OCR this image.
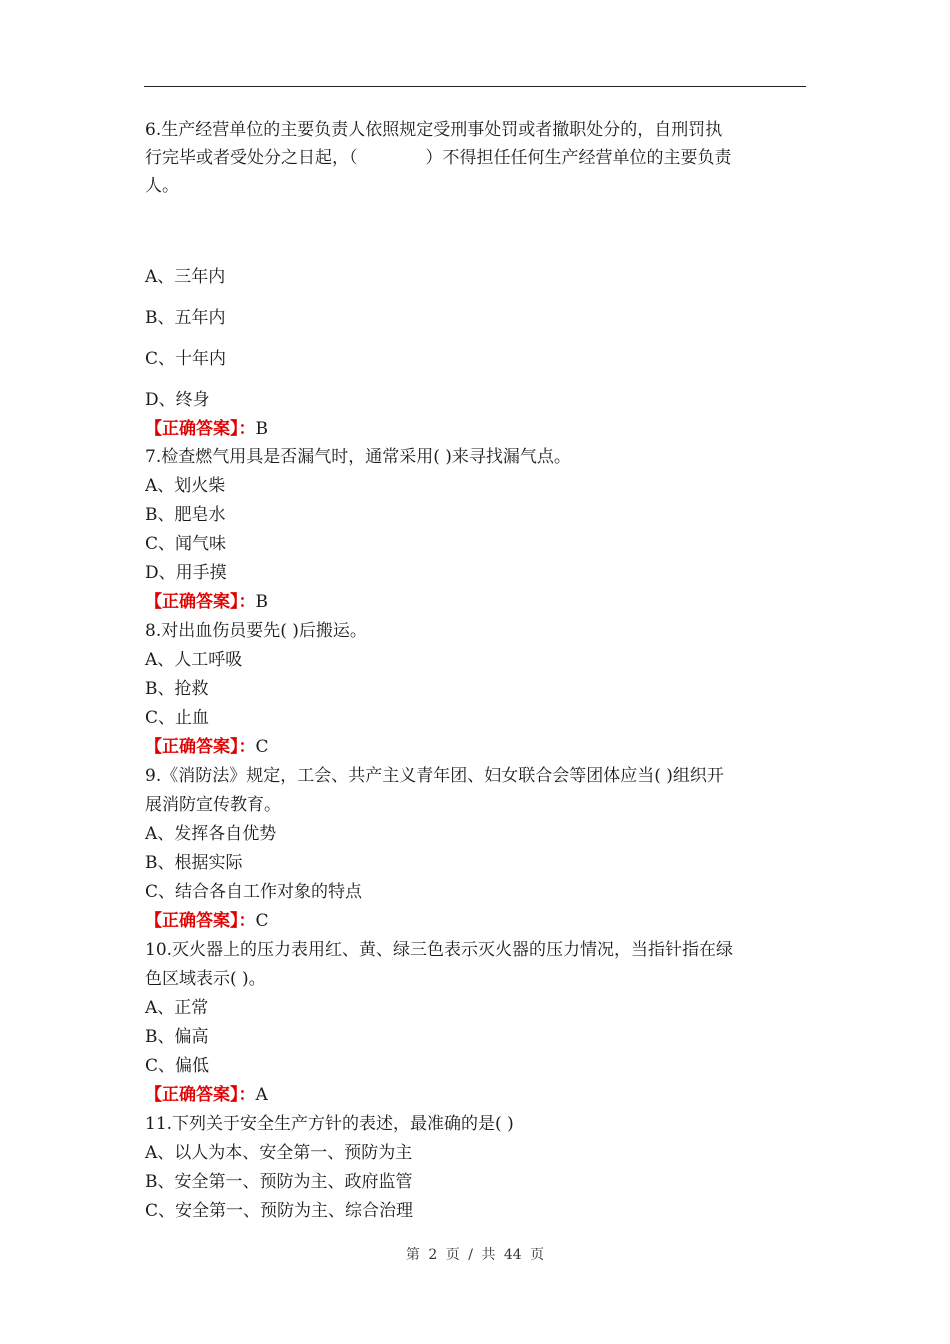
6.生产经营单位的主要负责人依照规定受刑事处罚或者撤职处分的，自刑罚执
行完毕或者受处分之日起，（　　　　）不得担任任何生产经营单位的主要负责
人。
A、三年内
B、五年内
C、十年内
D、终身
【正确答案】：B
7.检查燃气用具是否漏气时，通常采用( )来寻找漏气点。
A、划火柴
B、肥皂水
C、闻气味
D、用手摸
【正确答案】：B
8.对出血伤员要先( )后搬运。
A、人工呼吸
B、抢救
C、止血
【正确答案】：C
9.《消防法》规定，工会、共产主义青年团、妇女联合会等团体应当( )组织开
展消防宣传教育。
A、发挥各自优势
B、根据实际
C、结合各自工作对象的特点
【正确答案】：C
10.灭火器上的压力表用红、黄、绿三色表示灭火器的压力情况，当指针指在绿
色区域表示( )。
A、正常
B、偏高
C、偏低
【正确答案】：A
11.下列关于安全生产方针的表述，最准确的是( )
A、以人为本、安全第一、预防为主
B、安全第一、预防为主、政府监管
C、安全第一、预防为主、综合治理
第 2 页 / 共 44 页
